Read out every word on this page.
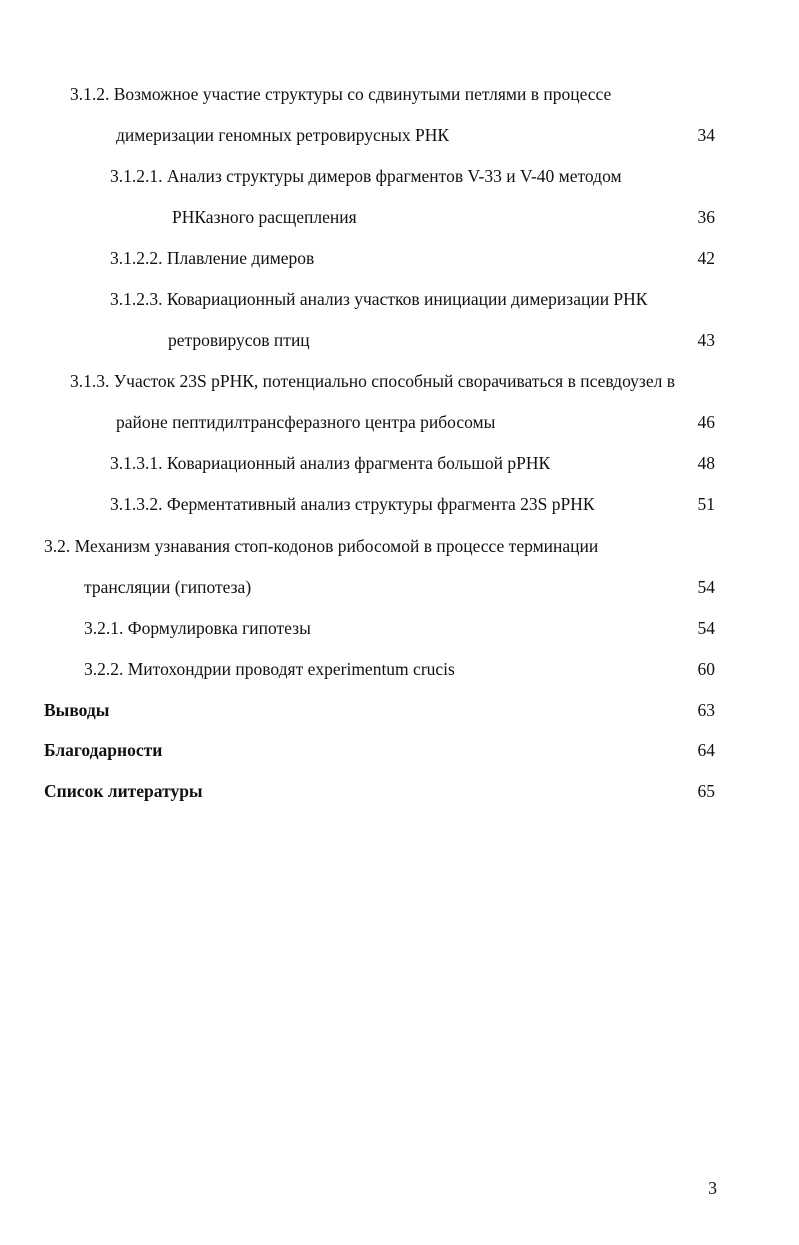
3.1.2. Возможное участие структуры со сдвинутыми петлями в процессе
димеризации геномных ретровирусных РНК	34
3.1.2.1. Анализ структуры димеров фрагментов V-33 и V-40 методом
РНКазного расщепления	36
3.1.2.2. Плавление димеров	42
3.1.2.3. Ковариационный анализ участков инициации димеризации РНК
ретровирусов птиц	43
3.1.3. Участок 23S рРНК, потенциально способный сворачиваться в псевдоузел в
районе пептидилтрансферазного центра рибосомы	46
3.1.3.1. Ковариационный анализ фрагмента большой рРНК	48
3.1.3.2. Ферментативный анализ структуры фрагмента 23S рРНК	51
3.2. Механизм узнавания стоп-кодонов рибосомой в процессе терминации
трансляции (гипотеза)	54
3.2.1. Формулировка гипотезы	54
3.2.2. Митохондрии проводят experimentum crucis	60
Выводы	63
Благодарности	64
Список литературы	65
3
